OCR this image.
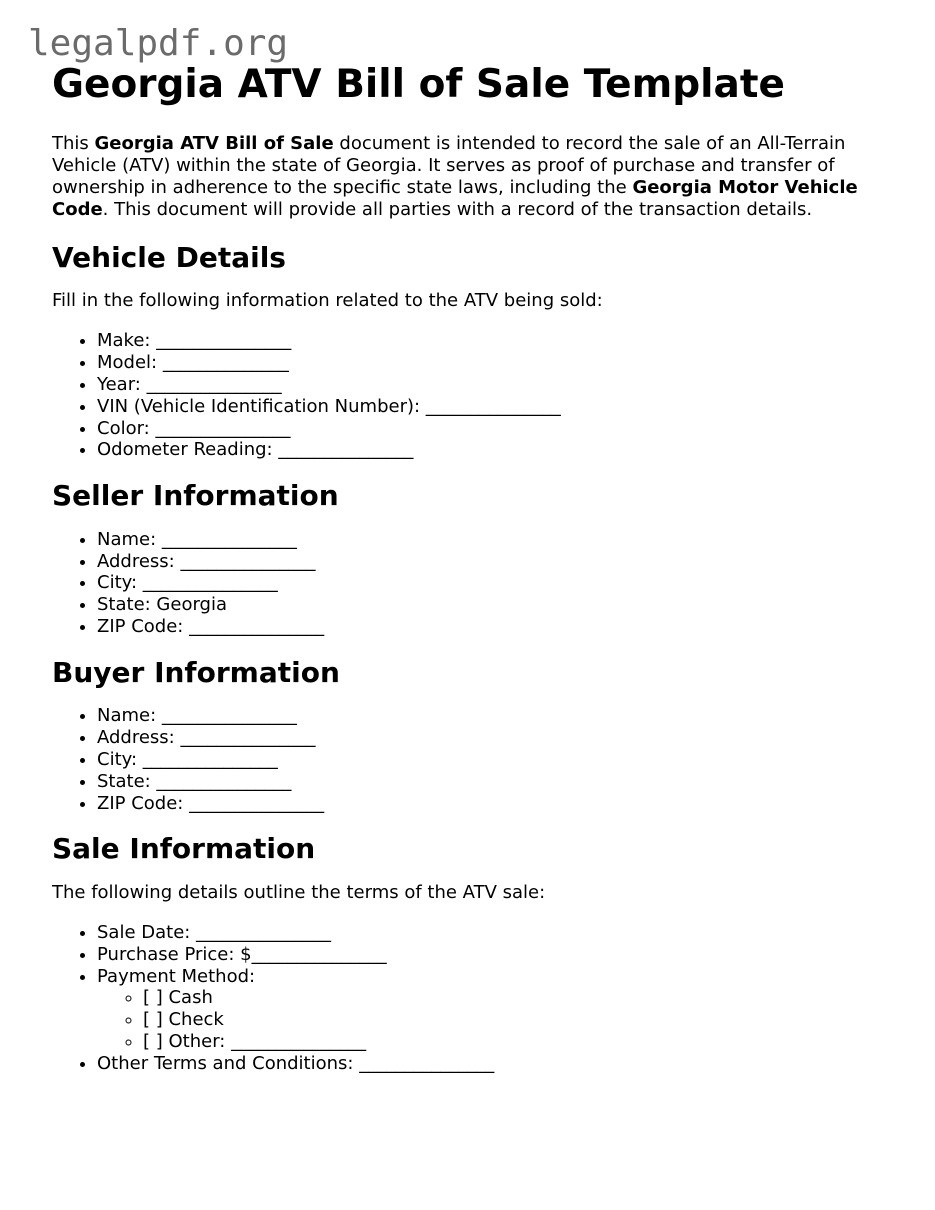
legalpdf.org
Georgia ATV Bill of Sale Template

This Georgia ATV Bill of Sale document is intended to record the sale of an All-Terrain Vehicle (ATV) within the state of Georgia. It serves as proof of purchase and transfer of ownership in adherence to the specific state laws, including the Georgia Motor Vehicle Code. This document will provide all parties with a record of the transaction details.

Vehicle Details

Fill in the following information related to the ATV being sold:

• Make: _______________
• Model: ______________
• Year: _______________
• VIN (Vehicle Identification Number): _______________
• Color: _______________
• Odometer Reading: _______________
Seller Information
• Name: _______________
• Address: _______________
• City: _______________
• State: Georgia
• ZIP Code: _______________
Buyer Information
• Name: _______________
• Address: _______________
• City: _______________
• State: _______________
• ZIP Code: _______________
Sale Information

The following details outline the terms of the ATV sale:

• Sale Date: _______________
• Purchase Price: $_______________
• Payment Method:
◦ [ ] Cash
◦ [ ] Check
◦ [ ] Other: _______________
• Other Terms and Conditions: _______________
